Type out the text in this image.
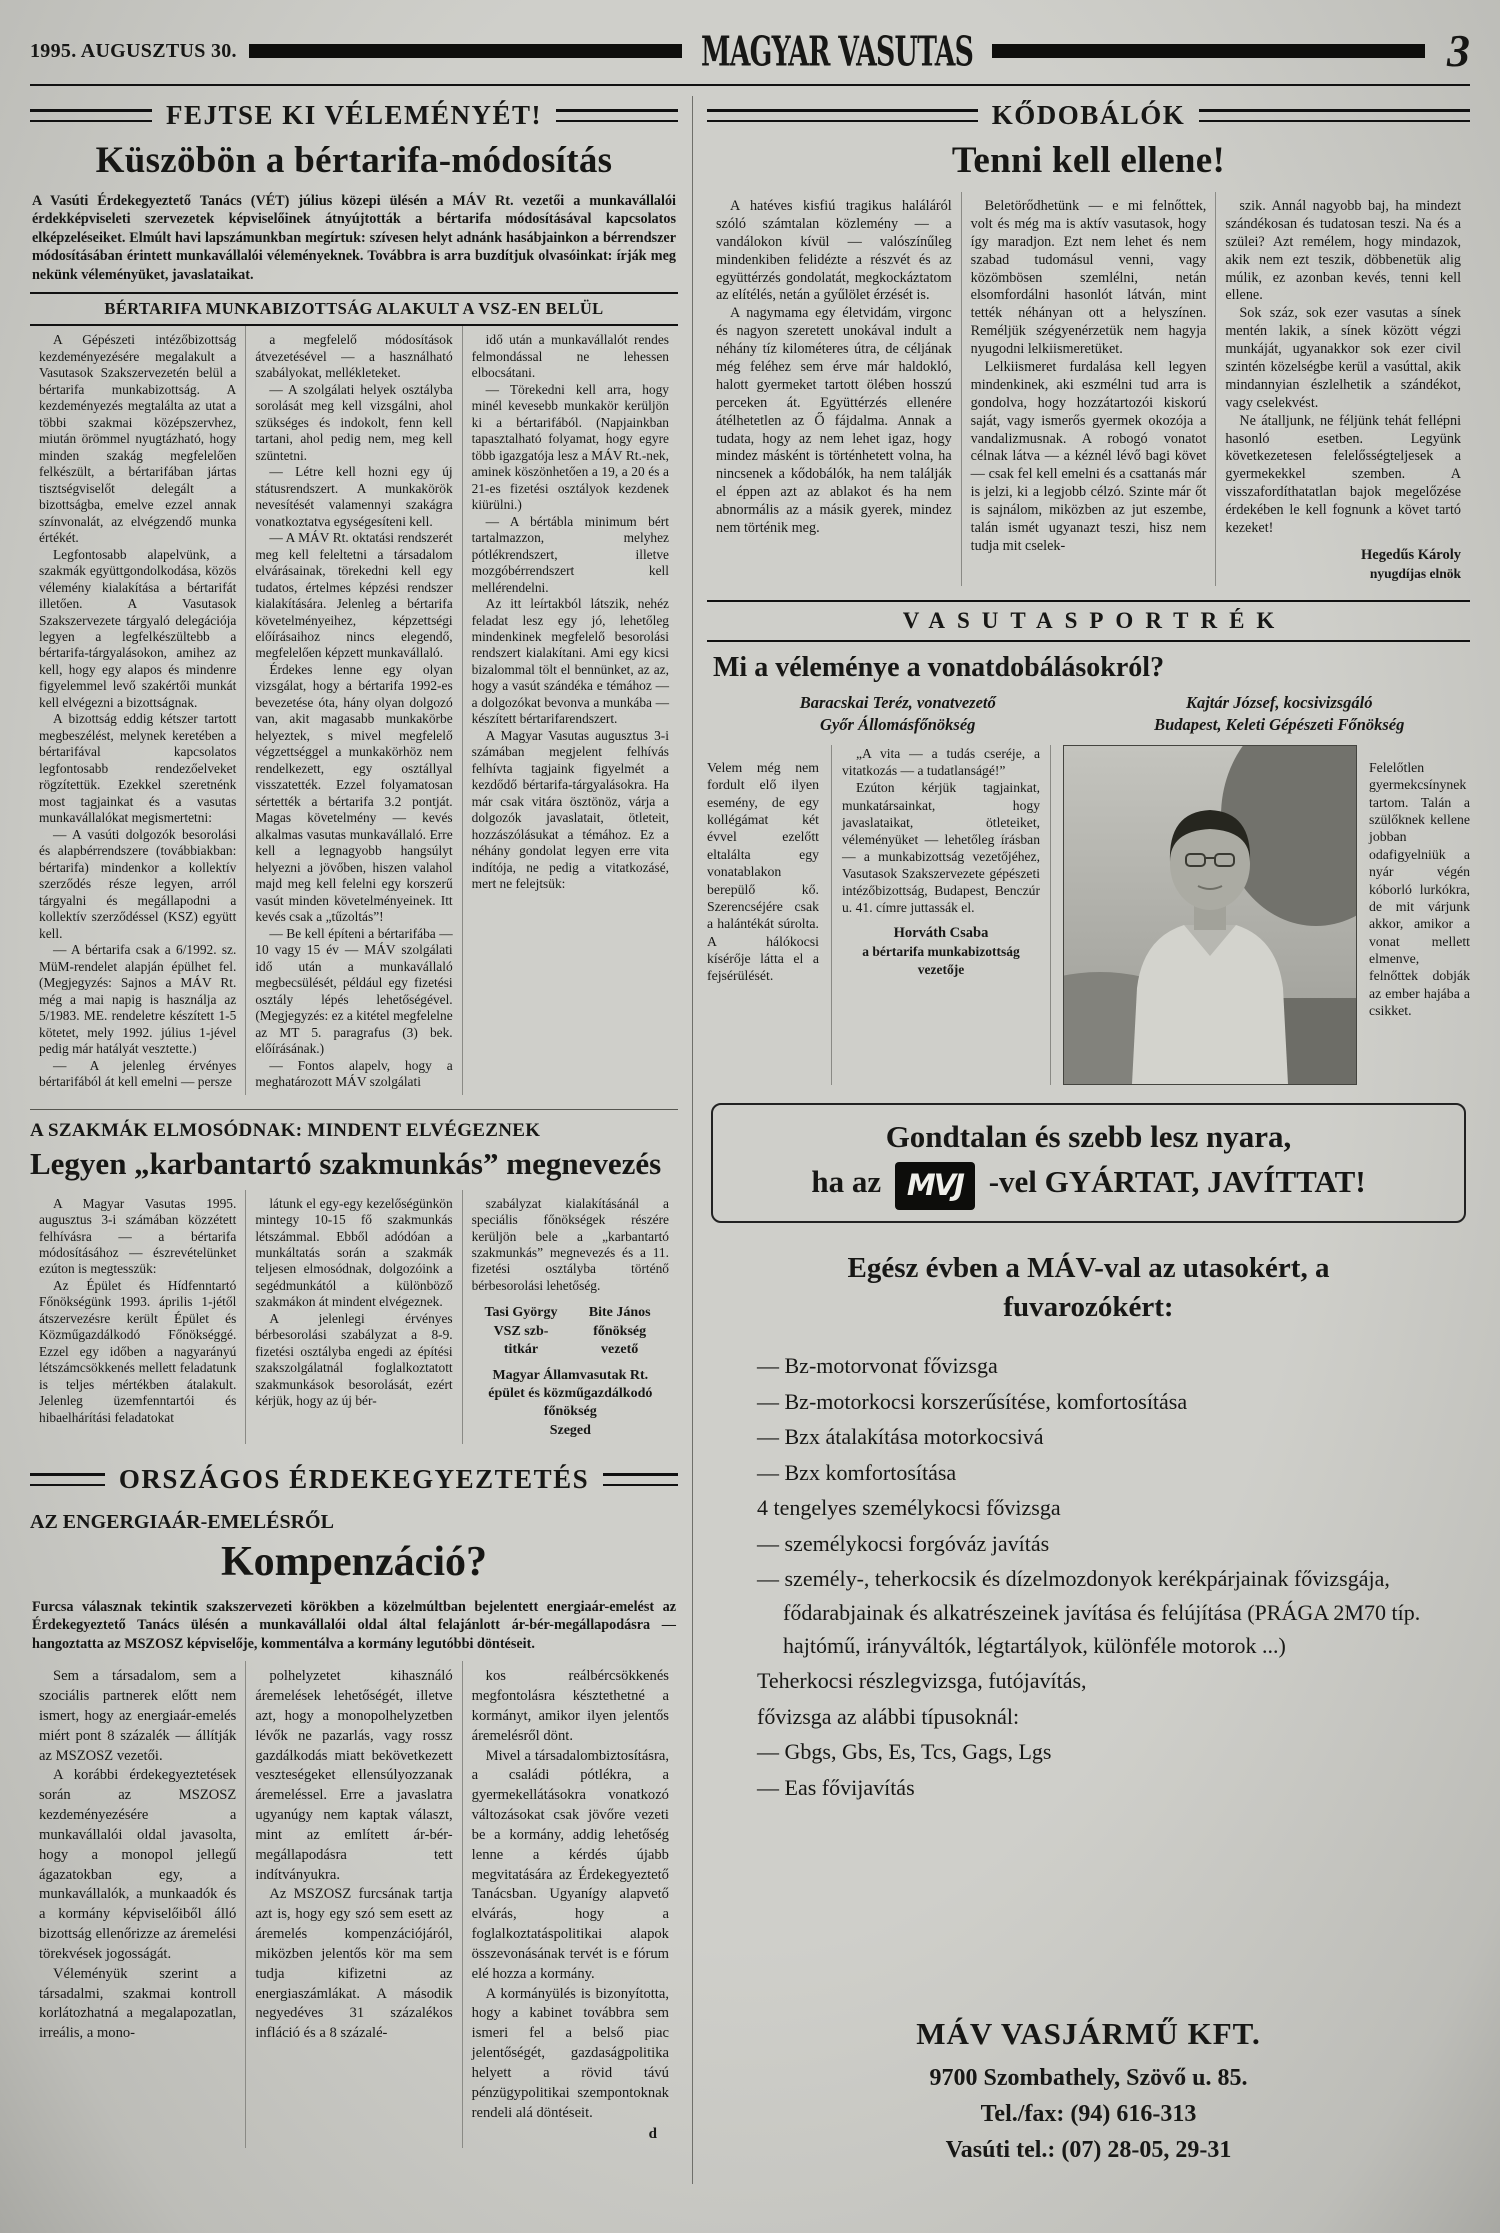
1995. AUGUSZTUS 30.	MAGYAR VASUTAS	3
FEJTSE KI VÉLEMÉNYÉT!
Küszöbön a bértarifa-módosítás

A Vasúti Érdekegyeztető Tanács (VÉT) július közepi ülésén a MÁV Rt. vezetői a munkavállalói érdekképviseleti szervezetek képviselőinek átnyújtották a bértarifa módosításával kapcsolatos elképzeléseiket. Elmúlt havi lapszámunkban megírtuk: szívesen helyt adnánk hasábjainkon a bérrendszer módosításában érintett munkavállalói véleményeknek. Továbbra is arra buzdítjuk olvasóinkat: írják meg nekünk véleményüket, javaslataikat.

BÉRTARIFA MUNKABIZOTTSÁG ALAKULT A VSZ-EN BELÜL

A Gépészeti intézőbizottság kezdeményezésére megalakult a Vasutasok Szakszervezetén belül a bértarifa munkabizottság. A kezdeményezés megtalálta az utat a többi szakmai középszervhez, miután örömmel nyugtázható, hogy minden szakág megfelelően felkészült, a bértarifában jártas tisztségviselőt delegált a bizottságba, emelve ezzel annak színvonalát, az elvégzendő munka értékét.

Legfontosabb alapelvünk, a szakmák együttgondolkodása, közös vélemény kialakítása a bértarifát illetően. A Vasutasok Szakszervezete tárgyaló delegációja legyen a legfelkészültebb a bértarifa-tárgyalásokon, amihez az kell, hogy egy alapos és mindenre figyelemmel levő szakértői munkát kell elvégezni a bizottságnak.

A bizottság eddig kétszer tartott megbeszélést, melynek keretében a bértarifával kapcsolatos legfontosabb rendezőelveket rögzítettük. Ezekkel szeretnénk most tagjainkat és a vasutas munkavállalókat megismertetni:

— A vasúti dolgozók besorolási és alapbérrendszere (továbbiakban: bértarifa) mindenkor a kollektív szerződés része legyen, arról tárgyalni és megállapodni a kollektív szerződéssel (KSZ) együtt kell.

— A bértarifa csak a 6/1992. sz. MüM-rendelet alapján épülhet fel. (Megjegyzés: Sajnos a MÁV Rt. még a mai napig is használja az 5/1983. ME. rendeletre készített 1-5 kötetet, mely 1992. július 1-jével pedig már hatályát vesztette.)

— A jelenleg érvényes bértarifából át kell emelni — persze

a megfelelő módosítások átvezetésével — a használható szabályokat, mellékleteket.

— A szolgálati helyek osztályba sorolását meg kell vizsgálni, ahol szükséges és indokolt, fenn kell tartani, ahol pedig nem, meg kell szüntetni.

— Létre kell hozni egy új státusrendszert. A munkakörök nevesítését valamennyi szakágra vonatkoztatva egységesíteni kell.

— A MÁV Rt. oktatási rendszerét meg kell feleltetni a társadalom elvárásainak, törekedni kell egy tudatos, értelmes képzési rendszer kialakítására. Jelenleg a bértarifa követelményeihez, képzettségi előírásaihoz nincs elegendő, megfelelően képzett munkavállaló.

Érdekes lenne egy olyan vizsgálat, hogy a bértarifa 1992-es bevezetése óta, hány olyan dolgozó van, akit magasabb munkakörbe helyeztek, s mivel megfelelő végzettséggel a munkakörhöz nem rendelkezett, egy osztállyal visszatették. Ezzel folyamatosan sértették a bértarifa 3.2 pontját. Magas követelmény — kevés alkalmas vasutas munkavállaló. Erre kell a legnagyobb hangsúlyt helyezni a jövőben, hiszen valahol majd meg kell felelni egy korszerű vasút minden követelményeinek. Itt kevés csak a „tűzoltás”!

— Be kell építeni a bértarifába — 10 vagy 15 év — MÁV szolgálati idő után a munkavállaló megbecsülését, például egy fizetési osztály lépés lehetőségével. (Megjegyzés: ez a kitétel megfelelne az MT 5. paragrafus (3) bek. előírásának.)

— Fontos alapelv, hogy a meghatározott MÁV szolgálati

idő után a munkavállalót rendes felmondással ne lehessen elbocsátani.

— Törekedni kell arra, hogy minél kevesebb munkakör kerüljön ki a bértarifából. (Napjainkban tapasztalható folyamat, hogy egyre több igazgatója lesz a MÁV Rt.-nek, aminek köszönhetően a 19, a 20 és a 21-es fizetési osztályok kezdenek kiürülni.)

— A bértábla minimum bért tartalmazzon, melyhez pótlékrendszert, illetve mozgóbérrendszert kell mellérendelni.

Az itt leírtakból látszik, nehéz feladat lesz egy jó, lehetőleg mindenkinek megfelelő besorolási rendszert kialakítani. Ami egy kicsi bizalommal tölt el bennünket, az az, hogy a vasút szándéka e témához — a dolgozókat bevonva a munkába — készített bértarifarendszert.

A Magyar Vasutas augusztus 3-i számában megjelent felhívás felhívta tagjaink figyelmét a kezdődő bértarifa-tárgyalásokra. Ha már csak vitára ösztönöz, várja a dolgozók javaslatait, ötleteit, hozzászólásukat a témához. Ez a néhány gondolat legyen erre vita indítója, ne pedig a vitatkozásé, mert ne felejtsük:

A SZAKMÁK ELMOSÓDNAK: MINDENT ELVÉGEZNEK
Legyen „karbantartó szakmunkás” megnevezés

A Magyar Vasutas 1995. augusztus 3-i számában közzétett felhívásra — a bértarifa módosításához — észrevételünket ezúton is megtesszük:

Az Épület és Hídfenntartó Főnökségünk 1993. április 1-jétől átszervezésre került Épület és Közműgazdálkodó Főnökséggé. Ezzel egy időben a nagyarányú létszámcsökkenés mellett feladatunk is teljes mértékben átalakult. Jelenleg üzemfenntartói és hibaelhárítási feladatokat

látunk el egy-egy kezelőségünkön mintegy 10-15 fő szakmunkás létszámmal. Ebből adódóan a munkáltatás során a szakmák teljesen elmosódnak, dolgozóink a segédmunkától a különböző szakmákon át mindent elvégeznek.

A jelenlegi érvényes bérbesorolási szabályzat a 8-9. fizetési osztályba engedi az építési szakszolgálatnál foglalkoztatott szakmunkások besorolását, ezért kérjük, hogy az új bér-

szabályzat kialakításánál a speciális főnökségek részére kerüljön bele a „karbantartó szakmunkás” megnevezés és a 11. fizetési osztályba történő bérbesorolási lehetőség.

Tasi György

VSZ szb-

titkár

Bite János

főnökség

vezető

Magyar Államvasutak Rt.

épület és közműgazdálkodó

főnökség

Szeged

ORSZÁGOS ÉRDEKEGYEZTETÉS
AZ ENGERGIAÁR-EMELÉSRŐL
Kompenzáció?

Furcsa válasznak tekintik szakszervezeti körökben a közelmúltban bejelentett energiaár-emelést az Érdekegyeztető Tanács ülésén a munkavállalói oldal által felajánlott ár-bér-megállapodásra — hangoztatta az MSZOSZ képviselője, kommentálva a kormány legutóbbi döntéseit.

Sem a társadalom, sem a szociális partnerek előtt nem ismert, hogy az energiaár-emelés miért pont 8 százalék — állítják az MSZOSZ vezetői.

A korábbi érdekegyeztetések során az MSZOSZ kezdeményezésére a munkavállalói oldal javasolta, hogy a monopol jellegű ágazatokban egy, a munkavállalók, a munkaadók és a kormány képviselőiből álló bizottság ellenőrizze az áremelési törekvések jogosságát.

Véleményük szerint a társadalmi, szakmai kontroll korlátozhatná a megalapozatlan, irreális, a mono-

polhelyzetet kihasználó áremelések lehetőségét, illetve azt, hogy a monopolhelyzetben lévők ne pazarlás, vagy rossz gazdálkodás miatt bekövetkezett veszteségeket ellensúlyozzanak áremeléssel. Erre a javaslatra ugyanúgy nem kaptak választ, mint az említett ár-bér-megállapodásra tett indítványukra.

Az MSZOSZ furcsának tartja azt is, hogy egy szó sem esett az áremelés kompenzációjáról, miközben jelentős kör ma sem tudja kifizetni az energiaszámlákat. A második negyedéves 31 százalékos infláció és a 8 százalé-

kos reálbércsökkenés megfontolásra késztethetné a kormányt, amikor ilyen jelentős áremelésről dönt.

Mivel a társadalombiztosításra, a családi pótlékra, a gyermekellátásokra vonatkozó változásokat csak jövőre vezeti be a kormány, addig lehetőség lenne a kérdés újabb megvitatására az Érdekegyeztető Tanácsban. Ugyanígy alapvető elvárás, hogy a foglalkoztatáspolitikai alapok összevonásának tervét is e fórum elé hozza a kormány.

A kormányülés is bizonyította, hogy a kabinet továbbra sem ismeri fel a belső piac jelentőségét, gazdaságpolitika helyett a rövid távú pénzügypolitikai szempontoknak rendeli alá döntéseit.

d
KŐDOBÁLÓK
Tenni kell ellene!

A hatéves kisfiú tragikus haláláról szóló számtalan közlemény — a vandálokon kívül — valószínűleg mindenkiben felidézte a részvét és az együttérzés gondolatát, megkockáztatom az elítélés, netán a gyűlölet érzését is.

A nagymama egy életvidám, virgonc és nagyon szeretett unokával indult a néhány tíz kilométeres útra, de céljának még feléhez sem érve már haldokló, halott gyermeket tartott ölében hosszú perceken át. Együttérzés ellenére átélhetetlen az Ő fájdalma. Annak a tudata, hogy az nem lehet igaz, hogy mindez másként is történhetett volna, ha nincsenek a kődobálók, ha nem találják el éppen azt az ablakot és ha nem abnormális az a másik gyerek, mindez nem történik meg.

Beletörődhetünk — e mi felnőttek, volt és még ma is aktív vasutasok, hogy így maradjon. Ezt nem lehet és nem szabad tudomásul venni, vagy közömbösen szemlélni, netán elsomfordálni hasonlót látván, mint tették néhányan ott a helyszínen. Reméljük szégyenérzetük nem hagyja nyugodni lelkiismeretüket.

Lelkiismeret furdalása kell legyen mindenkinek, aki eszmélni tud arra is gondolva, hogy hozzátartozói kiskorú saját, vagy ismerős gyermek okozója a vandalizmusnak. A robogó vonatot célnak látva — a kéznél lévő bagi követ — csak fel kell emelni és a csattanás már is jelzi, ki a legjobb célzó. Szinte már őt is sajnálom, miközben az jut eszembe, talán ismét ugyanazt teszi, hisz nem tudja mit cselek-

szik. Annál nagyobb baj, ha mindezt szándékosan és tudatosan teszi. Na és a szülei? Azt remélem, hogy mindazok, akik nem ezt teszik, döbbenetük alig múlik, ez azonban kevés, tenni kell ellene.

Sok száz, sok ezer vasutas a sínek mentén lakik, a sínek között végzi munkáját, ugyanakkor sok ezer civil szintén közelségbe kerül a vasúttal, akik mindannyian észlelhetik a szándékot, vagy cselekvést.

Ne átalljunk, ne féljünk tehát fellépni hasonló esetben. Legyünk következetesen felelősségteljesek a gyermekekkel szemben. A visszafordíthatatlan bajok megelőzése érdekében le kell fognunk a követ tartó kezeket!

Hegedűs Károly
nyugdíjas elnök
VASUTASPORTRÉK
Mi a véleménye a vonatdobálásokról?
Baracskai Teréz, vonatvezető
Győr Állomásfőnökség
Kajtár József, kocsivizsgáló
Budapest, Keleti Gépészeti Főnökség

Velem még nem fordult elő ilyen esemény, de egy kollégámat két évvel ezelőtt eltalálta egy vonatablakon berepülő kő. Szerencséjére csak a halántékát súrolta. A hálókocsi kísérője látta el a fejsérülését.

„A vita — a tudás cseréje, a vitatkozás — a tudatlanságé!”

Ezúton kérjük tagjainkat, munkatársainkat, hogy javaslataikat, ötleteiket, véleményüket — lehetőleg írásban — a munkabizottság vezetőjéhez, Vasutasok Szakszervezete gépészeti intézőbizottság, Budapest, Benczúr u. 41. címre juttassák el.

Horváth Csaba
a bértarifa munkabizottság vezetője

Felelőtlen gyermekcsínynek tartom. Talán a szülőknek kellene jobban odafigyelniük a nyár végén kóborló lurkókra, de mit várjunk akkor, amikor a vonat mellett elmenve, felnőttek dobják az ember hajába a csikket.

Gondtalan és szebb lesz nyara,
ha az MVJ -vel GYÁRTAT, JAVÍTTAT!
Egész évben a MÁV-val az utasokért, a fuvarozókért:

— Bz-motorvonat fővizsga

— Bz-motorkocsi korszerűsítése, komfortosítása

— Bzx átalakítása motorkocsivá

— Bzx komfortosítása

4 tengelyes személykocsi fővizsga

— személykocsi forgóváz javítás

— személy-, teherkocsik és dízelmozdonyok kerékpárjainak fővizsgája, fődarabjainak és alkatrészeinek javítása és felújítása (PRÁGA 2M70 típ. hajtómű, irányváltók, légtartályok, különféle motorok ...)

Teherkocsi részlegvizsga, futójavítás,

fővizsga az alábbi típusoknál:

— Gbgs, Gbs, Es, Tcs, Gags, Lgs

— Eas fővijavítás

MÁV VASJÁRMŰ KFT.
9700 Szombathely, Szövő u. 85.
Tel./fax: (94) 616-313
Vasúti tel.: (07) 28-05, 29-31
